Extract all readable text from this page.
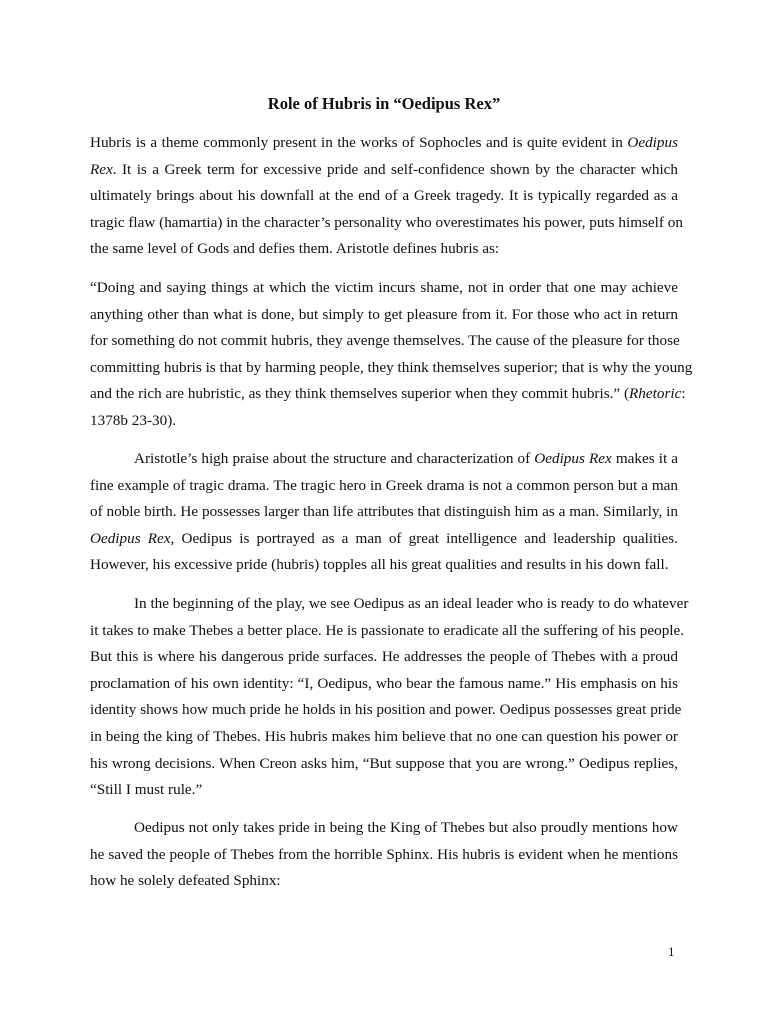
Role of Hubris in “Oedipus Rex”
Hubris is a theme commonly present in the works of Sophocles and is quite evident in Oedipus
Rex. It is a Greek term for excessive pride and self-confidence shown by the character which
ultimately brings about his downfall at the end of a Greek tragedy. It is typically regarded as a
tragic flaw (hamartia) in the character’s personality who overestimates his power, puts himself on
the same level of Gods and defies them. Aristotle defines hubris as:
“Doing and saying things at which the victim incurs shame, not in order that one may achieve
anything other than what is done, but simply to get pleasure from it. For those who act in return
for something do not commit hubris, they avenge themselves. The cause of the pleasure for those
committing hubris is that by harming people, they think themselves superior; that is why the young
and the rich are hubristic, as they think themselves superior when they commit hubris.” (Rhetoric:
1378b 23-30).
Aristotle’s high praise about the structure and characterization of Oedipus Rex makes it a
fine example of tragic drama. The tragic hero in Greek drama is not a common person but a man
of noble birth. He possesses larger than life attributes that distinguish him as a man. Similarly, in
Oedipus Rex, Oedipus is portrayed as a man of great intelligence and leadership qualities.
However, his excessive pride (hubris) topples all his great qualities and results in his down fall.
In the beginning of the play, we see Oedipus as an ideal leader who is ready to do whatever
it takes to make Thebes a better place. He is passionate to eradicate all the suffering of his people.
But this is where his dangerous pride surfaces. He addresses the people of Thebes with a proud
proclamation of his own identity: “I, Oedipus, who bear the famous name.” His emphasis on his
identity shows how much pride he holds in his position and power. Oedipus possesses great pride
in being the king of Thebes. His hubris makes him believe that no one can question his power or
his wrong decisions. When Creon asks him, “But suppose that you are wrong.” Oedipus replies,
“Still I must rule.”
Oedipus not only takes pride in being the King of Thebes but also proudly mentions how
he saved the people of Thebes from the horrible Sphinx. His hubris is evident when he mentions
how he solely defeated Sphinx:
1
